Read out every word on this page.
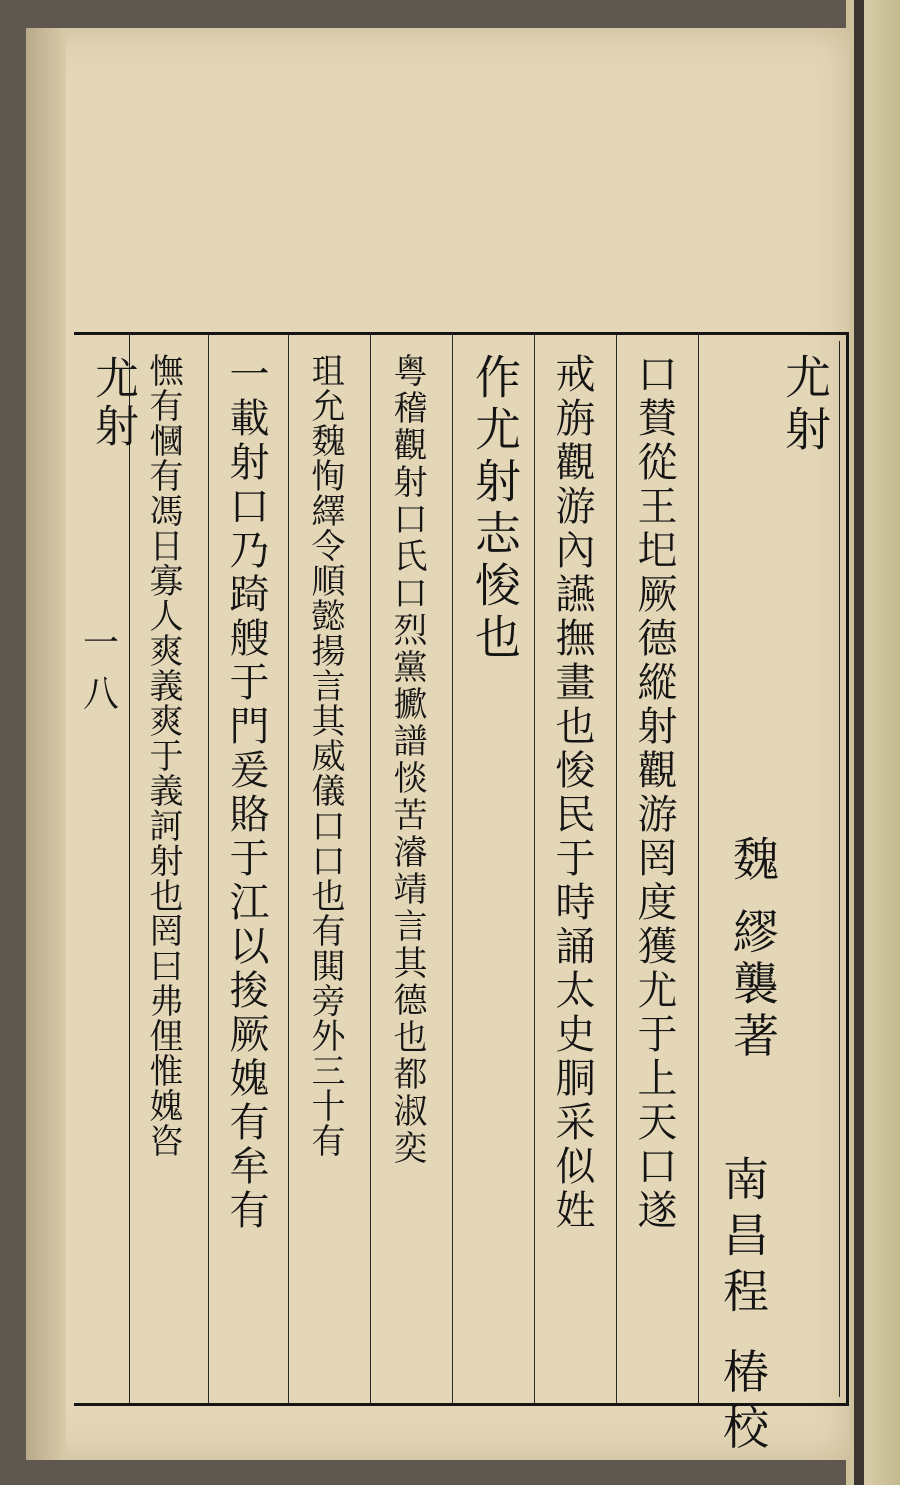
尤射
一八
尤射
魏 繆襲著
南昌程 椿校
口賛從王圯厥德縱射觀游罔度獲尤于上天口遂
戒旃觀游內讌撫畫也悛民于時誦太史胴采似姓
作尤射志悛也
粤稽觀射口氏口烈黨擨譜惔苦濬靖言其德也都淑奕
珇允魏恂繹令順懿揚言其威儀口口也有閧旁外三十有
一載射口乃踦艘于門爰賂于江以捘厥媿有牟有
憮有慖有馮日寡人爽義爽于義訶射也罔曰弗俚惟媿咨
